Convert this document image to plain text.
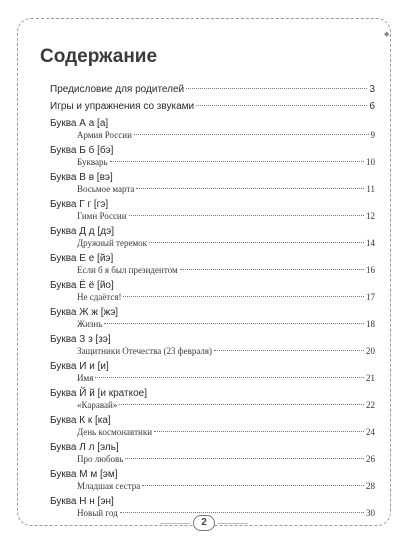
◆
Содержание
Предисловие для родителей	3
Игры и упражнения со звуками	6
Буква А а [а]
Армия России	9
Буква Б б [бэ]
Букварь	10
Буква В в [вэ]
Восьмое марта	11
Буква Г г [гэ]
Гимн России	12
Буква Д д [дэ]
Дружный теремок	14
Буква Е е [йэ]
Если б я был президентом	16
Буква Ё ё [йо]
Не сдаётся!	17
Буква Ж ж [жэ]
Жизнь	18
Буква З з [зэ]
Защитники Отечества (23 февраля)	20
Буква И и [и]
Имя	21
Буква Й й [и краткое]
«Каравай»	22
Буква К к [ка]
День космонавтики	24
Буква Л л [эль]
Про любовь	26
Буква М м [эм]
Младшая сестра	28
Буква Н н [эн]
Новый год	30
2
